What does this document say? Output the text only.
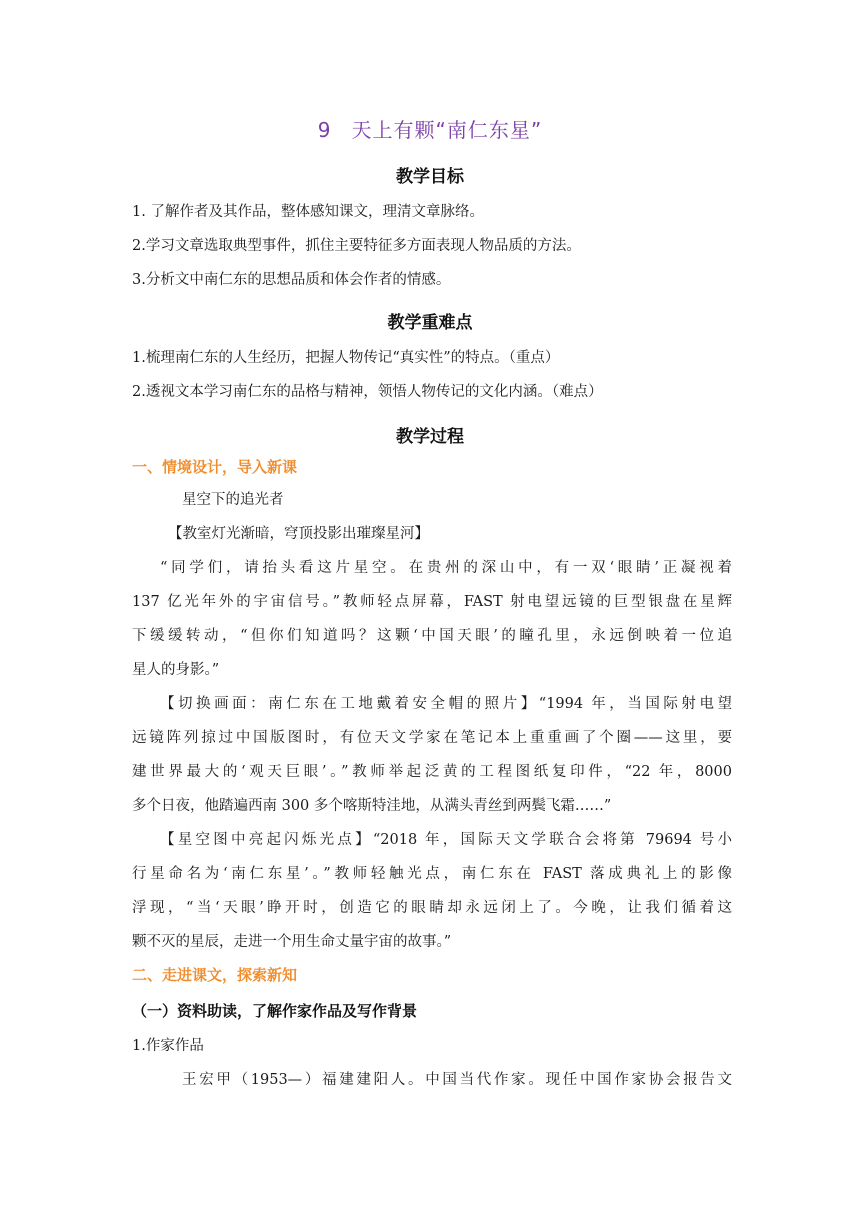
9 天上有颗“南仁东星”
教学目标
1. 了解作者及其作品，整体感知课文，理清文章脉络。
2.学习文章选取典型事件，抓住主要特征多方面表现人物品质的方法。
3.分析文中南仁东的思想品质和体会作者的情感。
教学重难点
1.梳理南仁东的人生经历，把握人物传记“真实性”的特点。（重点）
2.透视文本学习南仁东的品格与精神，领悟人物传记的文化内涵。（难点）
教学过程
一、情境设计，导入新课
星空下的追光者
【教室灯光渐暗，穹顶投影出璀璨星河】
“同学们，请抬头看这片星空。在贵州的深山中，有一双‘眼睛’正凝视着
137 亿光年外的宇宙信号。”教师轻点屏幕，FAST 射电望远镜的巨型银盘在星辉
下缓缓转动，“但你们知道吗？这颗‘中国天眼’的瞳孔里，永远倒映着一位追
星人的身影。”
【切换画面：南仁东在工地戴着安全帽的照片】“1994 年，当国际射电望
远镜阵列掠过中国版图时，有位天文学家在笔记本上重重画了个圈——这里，要
建世界最大的‘观天巨眼’。”教师举起泛黄的工程图纸复印件，“22 年，8000
多个日夜，他踏遍西南 300 多个喀斯特洼地，从满头青丝到两鬓飞霜……”
【星空图中亮起闪烁光点】“2018 年，国际天文学联合会将第 79694 号小
行星命名为‘南仁东星’。”教师轻触光点，南仁东在 FAST 落成典礼上的影像
浮现，“当‘天眼’睁开时，创造它的眼睛却永远闭上了。今晚，让我们循着这
颗不灭的星辰，走进一个用生命丈量宇宙的故事。”
二、走进课文，探索新知
（一）资料助读，了解作家作品及写作背景
1.作家作品
王宏甲（1953—）福建建阳人。中国当代作家。现任中国作家协会报告文
